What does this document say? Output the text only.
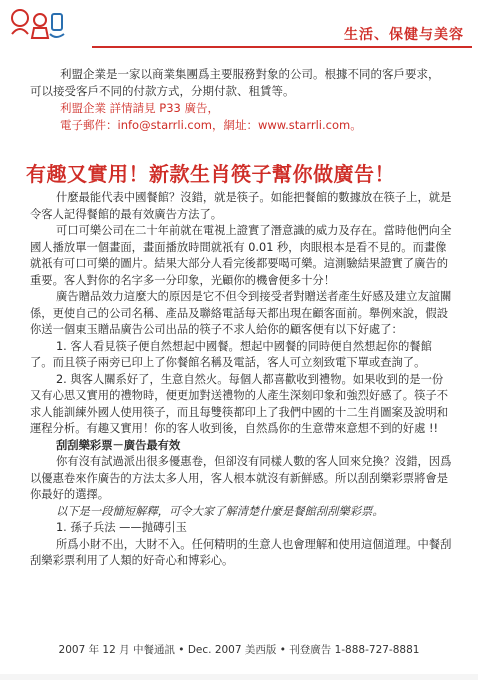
生活、保健与美容

利盟企業是一家以商業集團爲主要服務對象的公司。根據不同的客戶要求，可以接受客戶不同的付款方式，分期付款、租賃等。

利盟企業 詳情請見 P33 廣告，

電子郵件：info@starrli.com，網址：www.starrli.com。

有趣又實用！新款生肖筷子幫你做廣告！

什麼最能代表中國餐館？沒錯，就是筷子。如能把餐館的數據放在筷子上，就是令客人記得餐館的最有效廣告方法了。

可口可樂公司在二十年前就在電視上證實了潛意識的威力及存在。當時他們向全國人播放單一個畫面，畫面播放時間就祇有 0.01 秒，肉眼根本是看不見的。而畫像就祇有可口可樂的圖片。結果大部分人看完後都要喝可樂。這測驗結果證實了廣告的重要。客人對你的名字多一分印象，光顧你的機會便多十分！

廣告贈品效力這麼大的原因是它不但令到接受者對贈送者產生好感及建立友誼關係，更使自己的公司名稱、產品及聯絡電話每天都出現在顧客面前。舉例來說，假設你送一個東玉贈品廣告公司出品的筷子不求人給你的顧客便有以下好處了：

1. 客人看見筷子便自然想起中國餐。想起中國餐的同時便自然想起你的餐館了。而且筷子兩旁已印上了你餐館名稱及電話，客人可立刻致電下單或查詢了。

2. 與客人關系好了，生意自然火。每個人都喜歡收到禮物。如果收到的是一份又有心思又實用的禮物時，便更加對送禮物的人產生深刻印象和強烈好感了。筷子不求人能訓練外國人使用筷子，而且每雙筷都印上了我們中國的十二生肖圖案及說明和運程分析。有趣又實用！你的客人收到後，自然爲你的生意帶來意想不到的好處 !!

刮刮樂彩票－廣告最有效

你有沒有試過派出很多優惠卷，但卻沒有同樣人數的客人回來兌換？沒錯，因爲以優惠卷來作廣告的方法太多人用，客人根本就沒有新鮮感。所以刮刮樂彩票將會是你最好的選擇。

以下是一段簡短解釋，可令大家了解清楚什麼是餐館刮刮樂彩票。

1. 孫子兵法 ——抛磚引玉

所爲小財不出，大財不入。任何精明的生意人也會理解和使用這個道理。中餐刮刮樂彩票利用了人類的好奇心和博彩心。

2007 年 12 月 中餐通訊 • Dec. 2007 美西版 • 刊登廣告 1-888-727-8881
